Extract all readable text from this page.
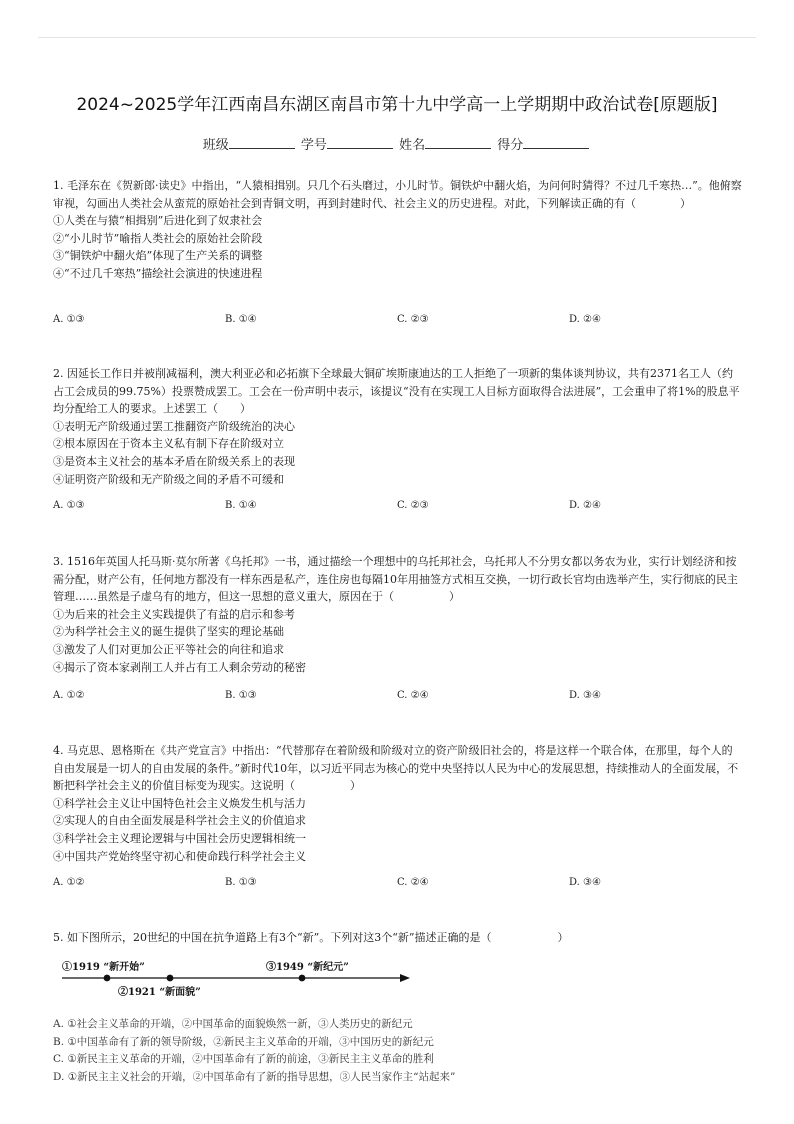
2024~2025学年江西南昌东湖区南昌市第十九中学高一上学期期中政治试卷[原题版]
班级	学号	姓名	得分
1. 毛泽东在《贺新郎·读史》中指出，“人猿相揖别。只几个石头磨过，小儿时节。铜铁炉中翻火焰，为问何时猜得？不过几千寒热…”。他俯察审视，勾画出人类社会从蛮荒的原始社会到青铜文明，再到封建时代、社会主义的历史进程。对此，下列解读正确的有（　　　　）
①人类在与猿“相揖别”后进化到了奴隶社会
②“小儿时节”喻指人类社会的原始社会阶段
③“铜铁炉中翻火焰”体现了生产关系的调整
④“不过几千寒热”描绘社会演进的快速进程
A. ①③	B. ①④	C. ②③	D. ②④
2. 因延长工作日并被削减福利，澳大利亚必和必拓旗下全球最大铜矿埃斯康迪达的工人拒绝了一项新的集体谈判协议，共有2371名工人（约占工会成员的99.75%）投票赞成罢工。工会在一份声明中表示，该提议“没有在实现工人目标方面取得合法进展”，工会重申了将1%的股息平均分配给工人的要求。上述罢工（　　）
①表明无产阶级通过罢工推翻资产阶级统治的决心
②根本原因在于资本主义私有制下存在阶级对立
③是资本主义社会的基本矛盾在阶级关系上的表现
④证明资产阶级和无产阶级之间的矛盾不可缓和
A. ①③	B. ①④	C. ②③	D. ②④
3. 1516年英国人托马斯·莫尔所著《乌托邦》一书，通过描绘一个理想中的乌托邦社会，乌托邦人不分男女都以务农为业，实行计划经济和按需分配，财产公有，任何地方都没有一样东西是私产，连住房也每隔10年用抽签方式相互交换，一切行政长官均由选举产生，实行彻底的民主管理……虽然是子虚乌有的地方，但这一思想的意义重大，原因在于（　　　　　）
①为后来的社会主义实践提供了有益的启示和参考
②为科学社会主义的诞生提供了坚实的理论基础
③激发了人们对更加公正平等社会的向往和追求
④揭示了资本家剥削工人并占有工人剩余劳动的秘密
A. ①②	B. ①③	C. ②④	D. ③④
4. 马克思、恩格斯在《共产党宣言》中指出：“代替那存在着阶级和阶级对立的资产阶级旧社会的，将是这样一个联合体，在那里，每个人的自由发展是一切人的自由发展的条件。”新时代10年，以习近平同志为核心的党中央坚持以人民为中心的发展思想，持续推动人的全面发展，不断把科学社会主义的价值目标变为现实。这说明（　　　　　）
①科学社会主义让中国特色社会主义焕发生机与活力
②实现人的自由全面发展是科学社会主义的价值追求
③科学社会主义理论逻辑与中国社会历史逻辑相统一
④中国共产党始终坚守初心和使命践行科学社会主义
A. ①②	B. ①③	C. ②④	D. ③④
5. 如下图所示，20世纪的中国在抗争道路上有3个“新”。下列对这3个“新”描述正确的是（　　　　　　）
①1919 “新开始”
②1921 “新面貌”
③1949 “新纪元”
A. ①社会主义革命的开端，②中国革命的面貌焕然一新，③人类历史的新纪元
B. ①中国革命有了新的领导阶级，②新民主主义革命的开端，③中国历史的新纪元
C. ①新民主主义革命的开端，②中国革命有了新的前途，③新民主主义革命的胜利
D. ①新民主主义社会的开端，②中国革命有了新的指导思想，③人民当家作主“站起来”
